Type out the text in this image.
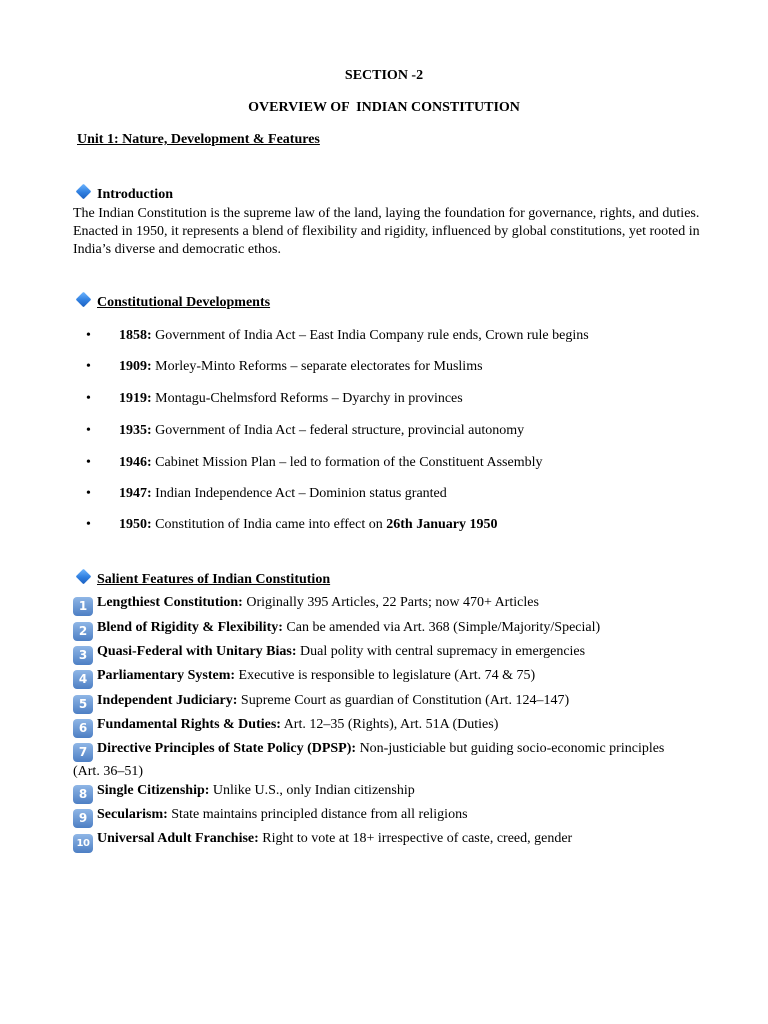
SECTION -2
OVERVIEW OF  INDIAN CONSTITUTION
Unit 1: Nature, Development & Features
Introduction
The Indian Constitution is the supreme law of the land, laying the foundation for governance, rights, and duties. Enacted in 1950, it represents a blend of flexibility and rigidity, influenced by global constitutions, yet rooted in India’s diverse and democratic ethos.
Constitutional Developments
• 1858: Government of India Act – East India Company rule ends, Crown rule begins
• 1909: Morley-Minto Reforms – separate electorates for Muslims
• 1919: Montagu-Chelmsford Reforms – Dyarchy in provinces
• 1935: Government of India Act – federal structure, provincial autonomy
• 1946: Cabinet Mission Plan – led to formation of the Constituent Assembly
• 1947: Indian Independence Act – Dominion status granted
• 1950: Constitution of India came into effect on 26th January 1950
Salient Features of Indian Constitution
1 Lengthiest Constitution: Originally 395 Articles, 22 Parts; now 470+ Articles
2 Blend of Rigidity & Flexibility: Can be amended via Art. 368 (Simple/Majority/Special)
3 Quasi-Federal with Unitary Bias: Dual polity with central supremacy in emergencies
4 Parliamentary System: Executive is responsible to legislature (Art. 74 & 75)
5 Independent Judiciary: Supreme Court as guardian of Constitution (Art. 124–147)
6 Fundamental Rights & Duties: Art. 12–35 (Rights), Art. 51A (Duties)
7 Directive Principles of State Policy (DPSP): Non-justiciable but guiding socio-economic principles (Art. 36–51)
8 Single Citizenship: Unlike U.S., only Indian citizenship
9 Secularism: State maintains principled distance from all religions
10 Universal Adult Franchise: Right to vote at 18+ irrespective of caste, creed, gender
